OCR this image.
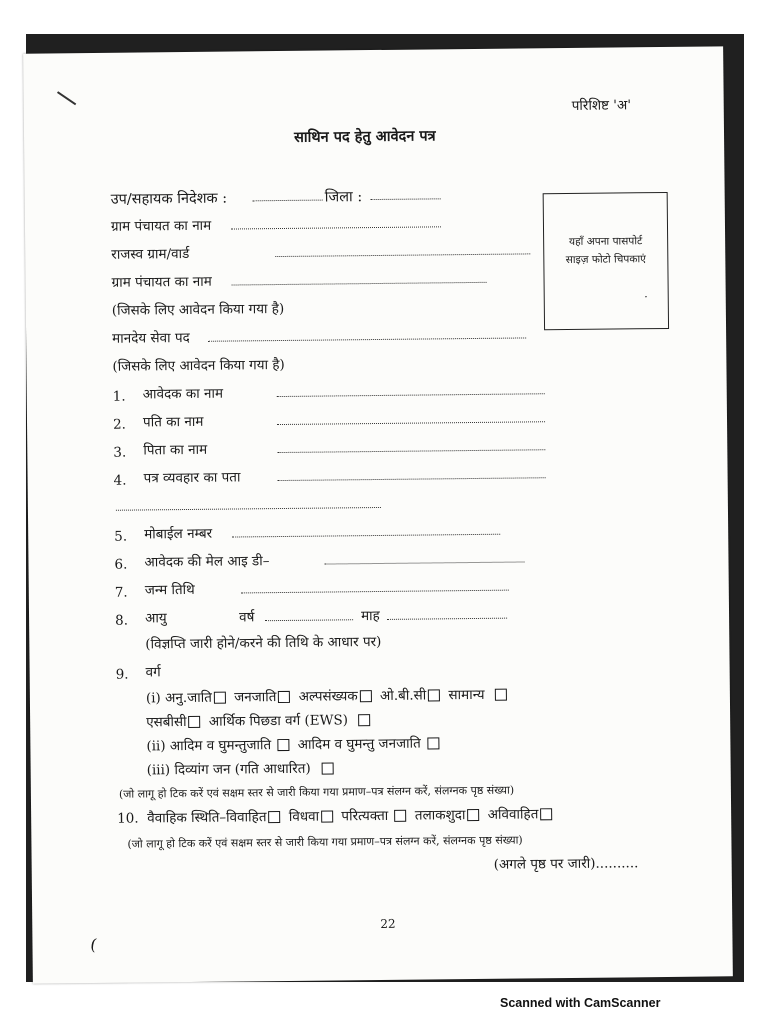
परिशिष्ट 'अ'
साथिन पद हेतु आवेदन पत्र
उप/सहायक निदेशक :	जिला :
ग्राम पंचायत का नाम
राजस्व ग्राम/वार्ड
ग्राम पंचायत का नाम
(जिसके लिए आवेदन किया गया है)
मानदेय सेवा पद
(जिसके लिए आवेदन किया गया है)
यहाँ अपना पासपोर्ट
साइज़ फोटो चिपकाएं
.
1. आवेदक का नाम
2. पति का नाम
3. पिता का नाम
4. पत्र व्यवहार का पता
5. मोबाईल नम्बर
6. आवेदक की मेल आइ डी–
7. जन्म तिथि
8. आयु	वर्ष	माह
(विज्ञप्ति जारी होने/करने की तिथि के आधार पर)
9. वर्ग
(i) अनु.जाति जनजाति अल्पसंख्यक ओ.बी.सी सामान्य
एसबीसी आर्थिक पिछडा वर्ग (EWS)
(ii) आदिम व घुमन्तुजाति आदिम व घुमन्तु जनजाति
(iii) दिव्यांग जन (गति आधारित)
(जो लागू हो टिक करें एवं सक्षम स्तर से जारी किया गया प्रमाण–पत्र संलग्न करें, संलग्नक पृष्ठ संख्या)
10. वैवाहिक स्थिति–विवाहित विधवा परित्यक्ता तलाकशुदा अविवाहित
(जो लागू हो टिक करें एवं सक्षम स्तर से जारी किया गया प्रमाण–पत्र संलग्न करें, संलग्नक पृष्ठ संख्या)
(अगले पृष्ठ पर जारी)..........
22
(
Scanned with CamScanner
